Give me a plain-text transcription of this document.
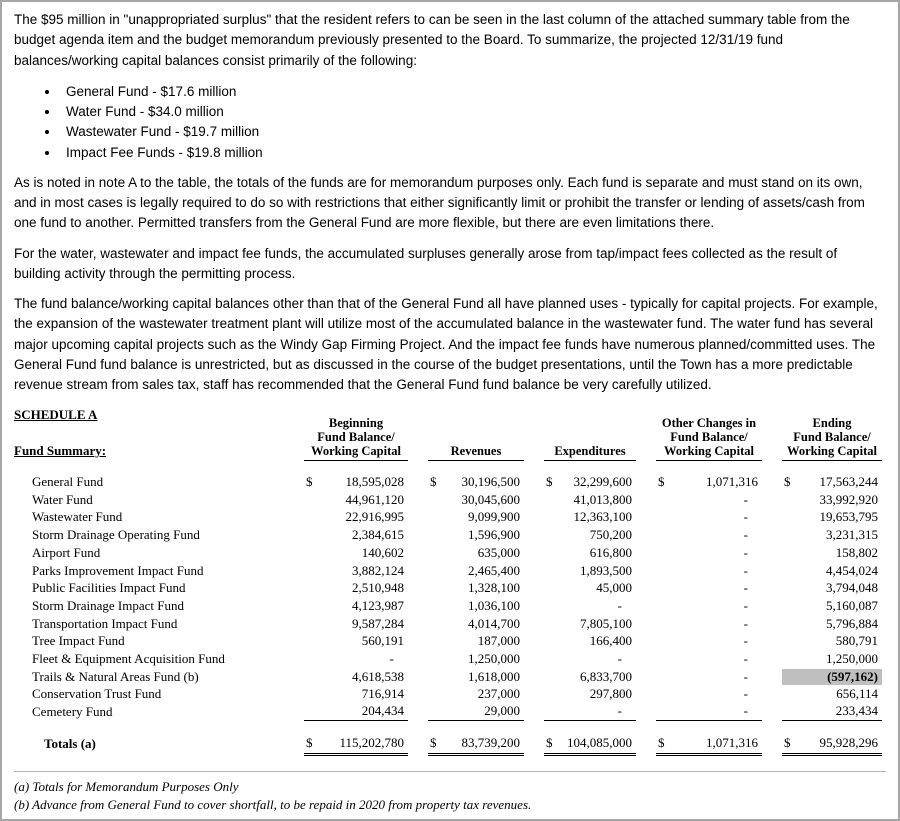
The $95 million in "unappropriated surplus" that the resident refers to can be seen in the last column of the attached summary table from the budget agenda item and the budget memorandum previously presented to the Board. To summarize, the projected 12/31/19 fund balances/working capital balances consist primarily of the following:

• General Fund - $17.6 million
• Water Fund - $34.0 million
• Wastewater Fund - $19.7 million
• Impact Fee Funds - $19.8 million

As is noted in note A to the table, the totals of the funds are for memorandum purposes only. Each fund is separate and must stand on its own, and in most cases is legally required to do so with restrictions that either significantly limit or prohibit the transfer or lending of assets/cash from one fund to another. Permitted transfers from the General Fund are more flexible, but there are even limitations there.

For the water, wastewater and impact fee funds, the accumulated surpluses generally arose from tap/impact fees collected as the result of building activity through the permitting process.

The fund balance/working capital balances other than that of the General Fund all have planned uses - typically for capital projects. For example, the expansion of the wastewater treatment plant will utilize most of the accumulated balance in the wastewater fund. The water fund has several major upcoming capital projects such as the Windy Gap Firming Project. And the impact fee funds have numerous planned/committed uses. The General Fund fund balance is unrestricted, but as discussed in the course of the budget presentations, until the Town has a more predictable revenue stream from sales tax, staff has recommended that the General Fund fund balance be very carefully utilized.

SCHEDULE A
Fund Summary:
Beginning
Fund Balance/
Working Capital	Revenues	Expenditures
Other Changes in
Fund Balance/
Working Capital
Ending
Fund Balance/
Working Capital
General Fund	$	18,595,028 $ 30,196,500 $ 32,299,600 $	1,071,316 $ 17,563,244
Water Fund	44,961,120	30,045,600	41,013,800	-	33,992,920
Wastewater Fund	22,916,995	9,099,900	12,363,100	-	19,653,795
Storm Drainage Operating Fund	2,384,615	1,596,900	750,200	-	3,231,315
Airport Fund	140,602	635,000	616,800	-	158,802
Parks Improvement Impact Fund	3,882,124	2,465,400	1,893,500	-	4,454,024
Public Facilities Impact Fund	2,510,948	1,328,100	45,000	-	3,794,048
Storm Drainage Impact Fund	4,123,987	1,036,100	-	-	5,160,087
Transportation Impact Fund	9,587,284	4,014,700	7,805,100	-	5,796,884
Tree Impact Fund	560,191	187,000	166,400	-	580,791
Fleet & Equipment Acquisition Fund	-	1,250,000	-	-	1,250,000
Trails & Natural Areas Fund (b)	4,618,538	1,618,000	6,833,700	-	(597,162)
Conservation Trust Fund	716,914	237,000	297,800	-	656,114
Cemetery Fund	204,434	29,000	-	-	233,434
Totals (a)	$ 115,202,780 $ 83,739,200 $ 104,085,000 $	1,071,316 $ 95,928,296
(a) Totals for Memorandum Purposes Only
(b) Advance from General Fund to cover shortfall, to be repaid in 2020 from property tax revenues.
